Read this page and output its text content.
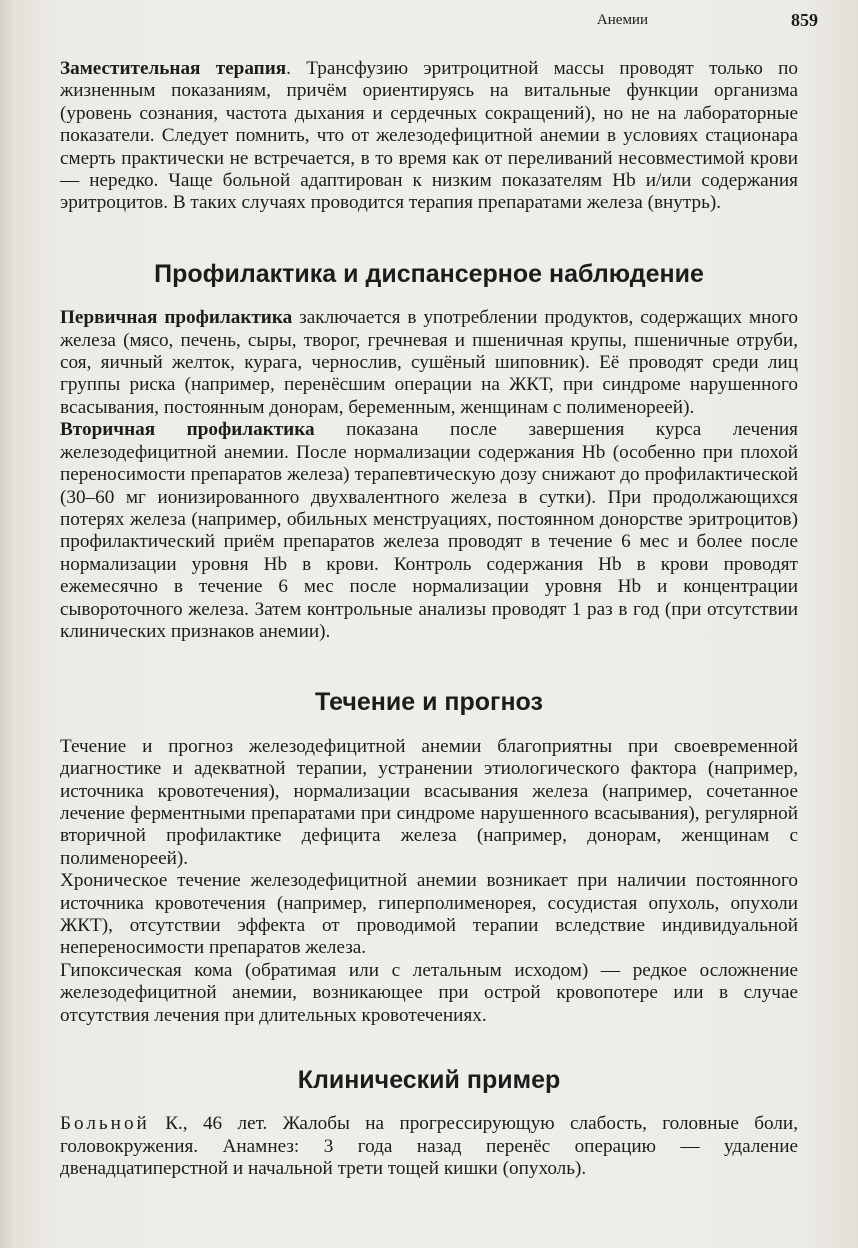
Анемии	859

Заместительная терапия. Трансфузию эритроцитной массы проводят только по жизненным показаниям, причём ориентируясь на витальные функции организма (уровень сознания, частота дыхания и сердечных сокращений), но не на лабораторные показатели. Следует помнить, что от железодефицитной анемии в условиях стационара смерть практически не встречается, в то время как от переливаний несовместимой крови — нередко. Чаще больной адаптирован к низким показателям Hb и/или содержания эритроцитов. В таких случаях проводится терапия препаратами железа (внутрь).

Профилактика и диспансерное наблюдение

Первичная профилактика заключается в употреблении продуктов, содержащих много железа (мясо, печень, сыры, творог, гречневая и пшеничная крупы, пшеничные отруби, соя, яичный желток, курага, чернослив, сушёный шиповник). Её проводят среди лиц группы риска (например, перенёсшим операции на ЖКТ, при синдроме нарушенного всасывания, постоянным донорам, беременным, женщинам с полименореей).

Вторичная профилактика показана после завершения курса лечения железодефицитной анемии. После нормализации содержания Hb (особенно при плохой переносимости препаратов железа) терапевтическую дозу снижают до профилактической (30–60 мг ионизированного двухвалентного железа в сутки). При продолжающихся потерях железа (например, обильных менструациях, постоянном донорстве эритроцитов) профилактический приём препаратов железа проводят в течение 6 мес и более после нормализации уровня Hb в крови. Контроль содержания Hb в крови проводят ежемесячно в течение 6 мес после нормализации уровня Hb и концентрации сывороточного железа. Затем контрольные анализы проводят 1 раз в год (при отсутствии клинических признаков анемии).

Течение и прогноз

Течение и прогноз железодефицитной анемии благоприятны при своевременной диагностике и адекватной терапии, устранении этиологического фактора (например, источника кровотечения), нормализации всасывания железа (например, сочетанное лечение ферментными препаратами при синдроме нарушенного всасывания), регулярной вторичной профилактике дефицита железа (например, донорам, женщинам с полименореей).

Хроническое течение железодефицитной анемии возникает при наличии постоянного источника кровотечения (например, гиперполименорея, сосудистая опухоль, опухоли ЖКТ), отсутствии эффекта от проводимой терапии вследствие индивидуальной непереносимости препаратов железа.

Гипоксическая кома (обратимая или с летальным исходом) — редкое осложнение железодефицитной анемии, возникающее при острой кровопотере или в случае отсутствия лечения при длительных кровотечениях.

Клинический пример

Больной К., 46 лет. Жалобы на прогрессирующую слабость, головные боли, головокружения. Анамнез: 3 года назад перенёс операцию — удаление двенадцатиперстной и начальной трети тощей кишки (опухоль).
